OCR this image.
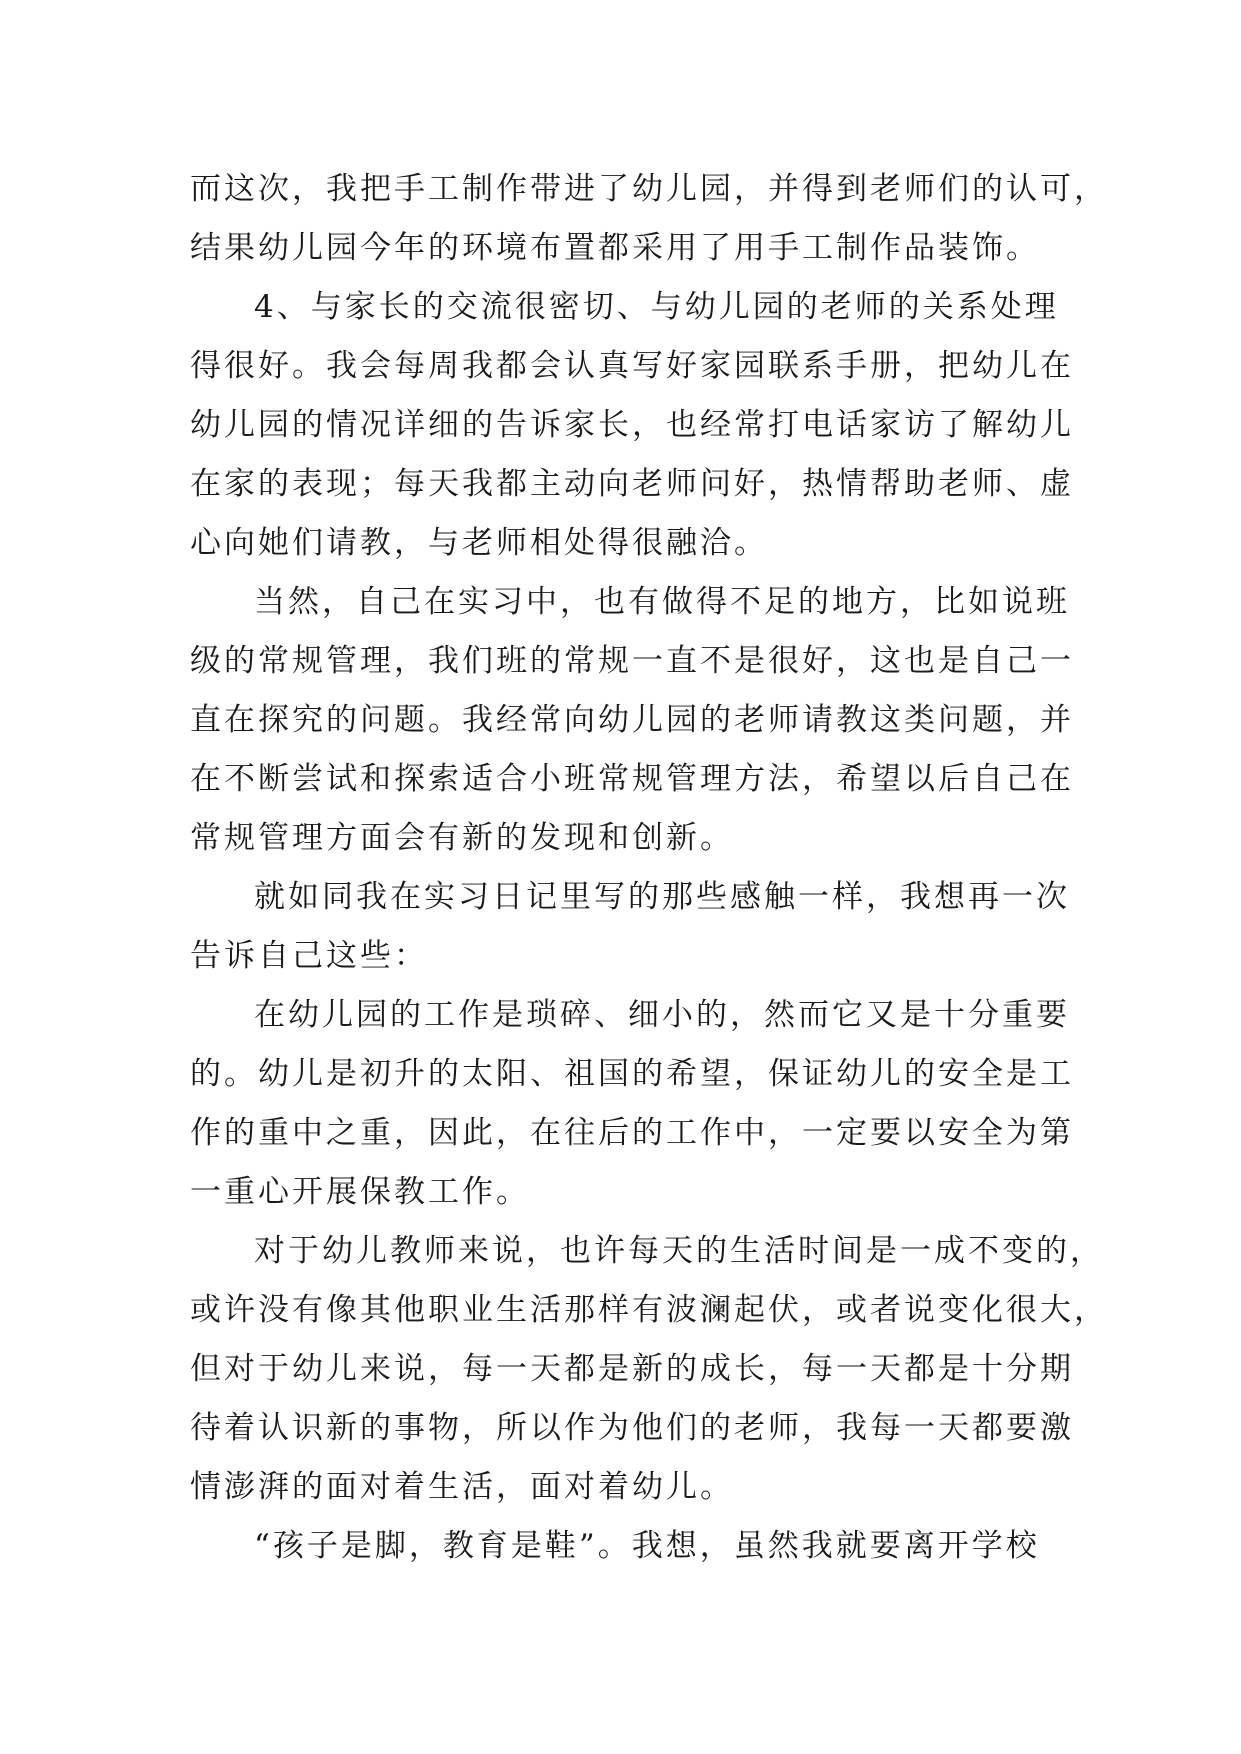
而这次，我把手工制作带进了幼儿园，并得到老师们的认可，
结果幼儿园今年的环境布置都采用了用手工制作品装饰。
4、与家长的交流很密切、与幼儿园的老师的关系处理
得很好。我会每周我都会认真写好家园联系手册，把幼儿在
幼儿园的情况详细的告诉家长，也经常打电话家访了解幼儿
在家的表现；每天我都主动向老师问好，热情帮助老师、虚
心向她们请教，与老师相处得很融洽。
当然，自己在实习中，也有做得不足的地方，比如说班
级的常规管理，我们班的常规一直不是很好，这也是自己一
直在探究的问题。我经常向幼儿园的老师请教这类问题，并
在不断尝试和探索适合小班常规管理方法，希望以后自己在
常规管理方面会有新的发现和创新。
就如同我在实习日记里写的那些感触一样，我想再一次
告诉自己这些：
在幼儿园的工作是琐碎、细小的，然而它又是十分重要
的。幼儿是初升的太阳、祖国的希望，保证幼儿的安全是工
作的重中之重，因此，在往后的工作中，一定要以安全为第
一重心开展保教工作。
对于幼儿教师来说，也许每天的生活时间是一成不变的，
或许没有像其他职业生活那样有波澜起伏，或者说变化很大，
但对于幼儿来说，每一天都是新的成长，每一天都是十分期
待着认识新的事物，所以作为他们的老师，我每一天都要激
情澎湃的面对着生活，面对着幼儿。
“孩子是脚，教育是鞋”。我想，虽然我就要离开学校
